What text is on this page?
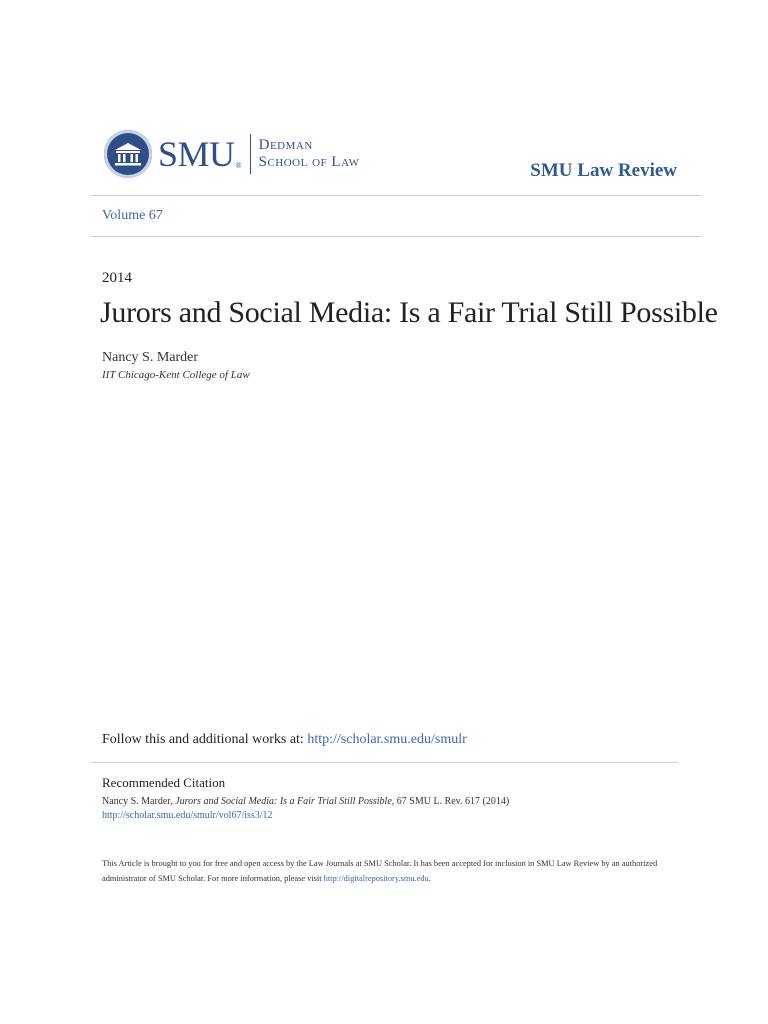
SMU ®
Dedman
School of Law	SMU Law Review
Volume 67
2014
Jurors and Social Media: Is a Fair Trial Still Possible
Nancy S. Marder
IIT Chicago-Kent College of Law
Follow this and additional works at: http://scholar.smu.edu/smulr
Recommended Citation
Nancy S. Marder, Jurors and Social Media: Is a Fair Trial Still Possible, 67 SMU L. Rev. 617 (2014)
http://scholar.smu.edu/smulr/vol67/iss3/12
This Article is brought to you for free and open access by the Law Journals at SMU Scholar. It has been accepted for inclusion in SMU Law Review by an authorized administrator of SMU Scholar. For more information, please visit http://digitalrepository.smu.edu.
